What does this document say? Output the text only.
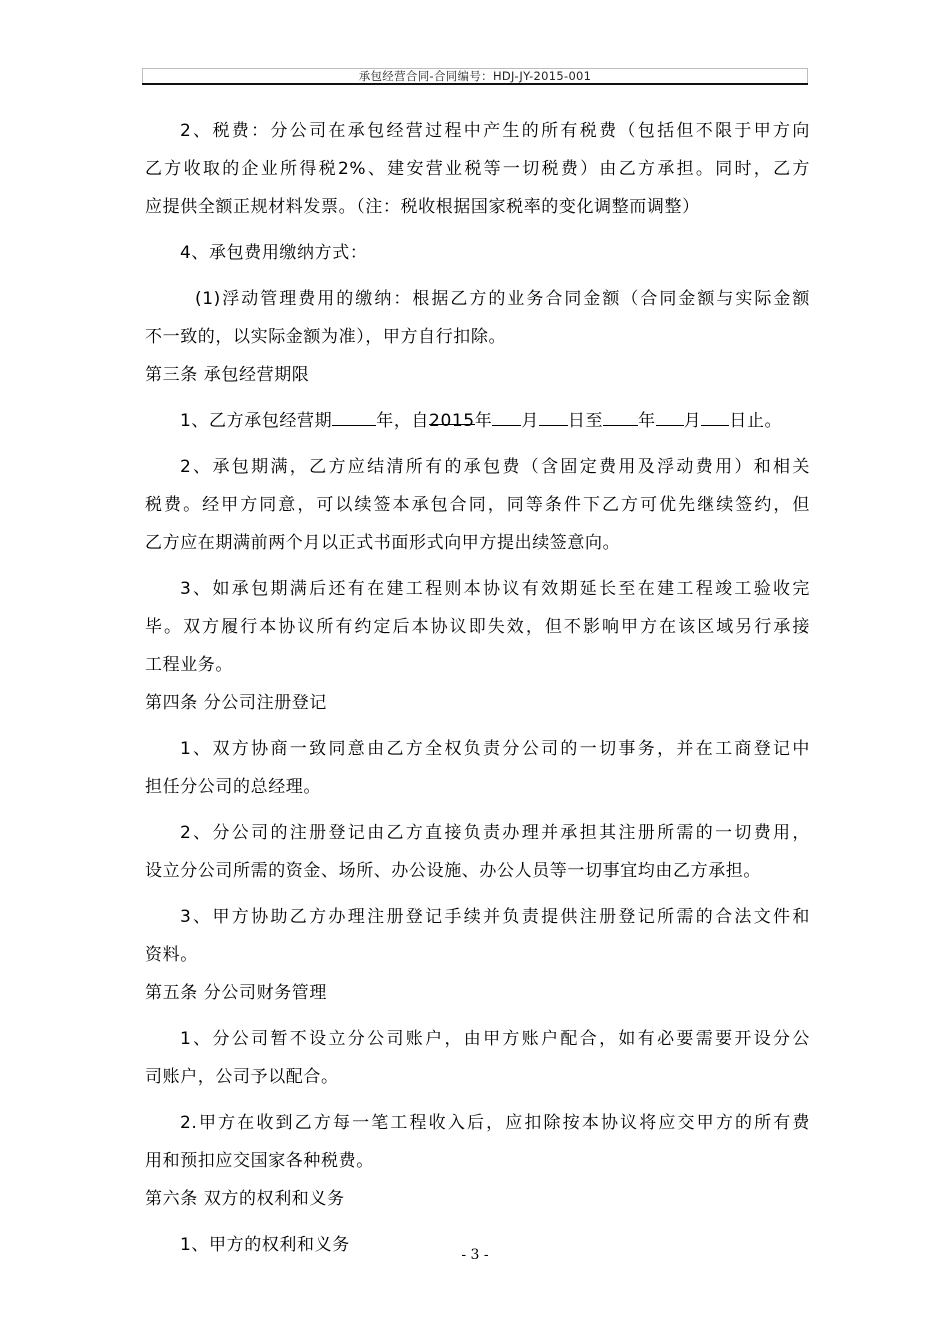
承包经营合同-合同编号：HDJ-JY-2015-001
2、税费：分公司在承包经营过程中产生的所有税费（包括但不限于甲方向
乙方收取的企业所得税2%、建安营业税等一切税费）由乙方承担。同时，乙方
应提供全额正规材料发票。（注：税收根据国家税率的变化调整而调整）
4、承包费用缴纳方式：
(1)浮动管理费用的缴纳：根据乙方的业务合同金额（合同金额与实际金额
不一致的，以实际金额为准），甲方自行扣除。
第三条 承包经营期限
1、乙方承包经营期	年，自2015年 月 日至 年 月 日止。
2、承包期满，乙方应结清所有的承包费（含固定费用及浮动费用）和相关
税费。经甲方同意，可以续签本承包合同，同等条件下乙方可优先继续签约，但
乙方应在期满前两个月以正式书面形式向甲方提出续签意向。
3、如承包期满后还有在建工程则本协议有效期延长至在建工程竣工验收完
毕。双方履行本协议所有约定后本协议即失效，但不影响甲方在该区域另行承接
工程业务。
第四条 分公司注册登记
1、双方协商一致同意由乙方全权负责分公司的一切事务，并在工商登记中
担任分公司的总经理。
2、分公司的注册登记由乙方直接负责办理并承担其注册所需的一切费用，
设立分公司所需的资金、场所、办公设施、办公人员等一切事宜均由乙方承担。
3、甲方协助乙方办理注册登记手续并负责提供注册登记所需的合法文件和
资料。
第五条 分公司财务管理
1、分公司暂不设立分公司账户，由甲方账户配合，如有必要需要开设分公
司账户，公司予以配合。
2.甲方在收到乙方每一笔工程收入后，应扣除按本协议将应交甲方的所有费
用和预扣应交国家各种税费。
第六条 双方的权利和义务
1、甲方的权利和义务	- 3 -
